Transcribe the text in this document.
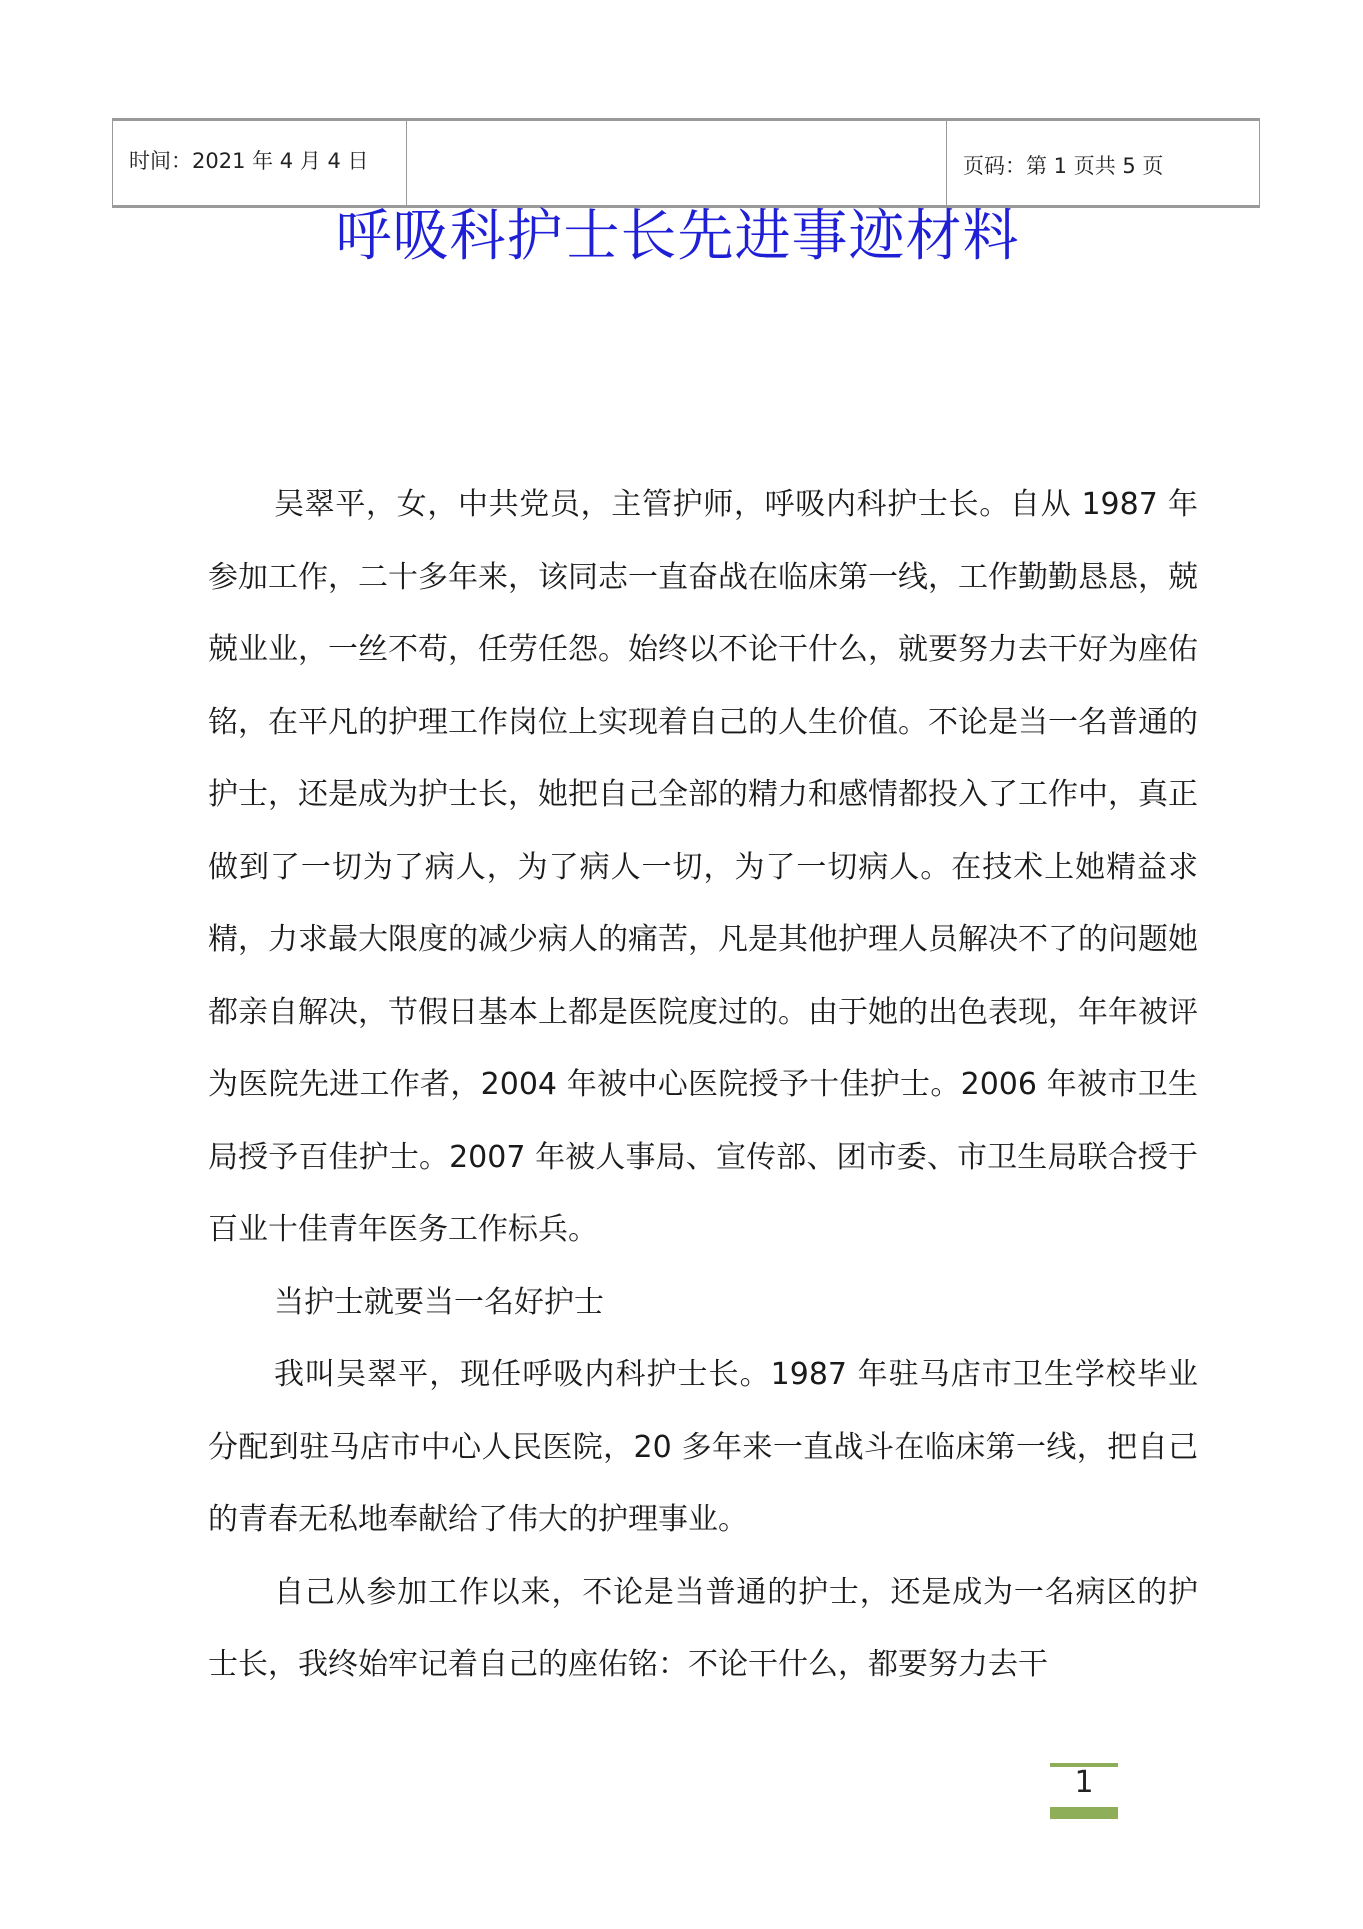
时间：2021 年 4 月 4 日	页码：第 1 页共 5 页
呼吸科护士长先进事迹材料

吴翠平，女，中共党员，主管护师，呼吸内科护士长。自从 1987 年参加工作，二十多年来，该同志一直奋战在临床第一线，工作勤勤恳恳，兢兢业业，一丝不苟，任劳任怨。始终以不论干什么，就要努力去干好为座佑铭，在平凡的护理工作岗位上实现着自己的人生价值。不论是当一名普通的护士，还是成为护士长，她把自己全部的精力和感情都投入了工作中，真正做到了一切为了病人，为了病人一切，为了一切病人。在技术上她精益求精，力求最大限度的减少病人的痛苦，凡是其他护理人员解决不了的问题她都亲自解决，节假日基本上都是医院度过的。由于她的出色表现，年年被评为医院先进工作者，2004 年被中心医院授予十佳护士。2006 年被市卫生局授予百佳护士。2007 年被人事局、宣传部、团市委、市卫生局联合授于百业十佳青年医务工作标兵。

当护士就要当一名好护士

我叫吴翠平，现任呼吸内科护士长。1987 年驻马店市卫生学校毕业分配到驻马店市中心人民医院，20 多年来一直战斗在临床第一线，把自己的青春无私地奉献给了伟大的护理事业。

自己从参加工作以来，不论是当普通的护士，还是成为一名病区的护士长，我终始牢记着自己的座佑铭：不论干什么，都要努力去干

1
